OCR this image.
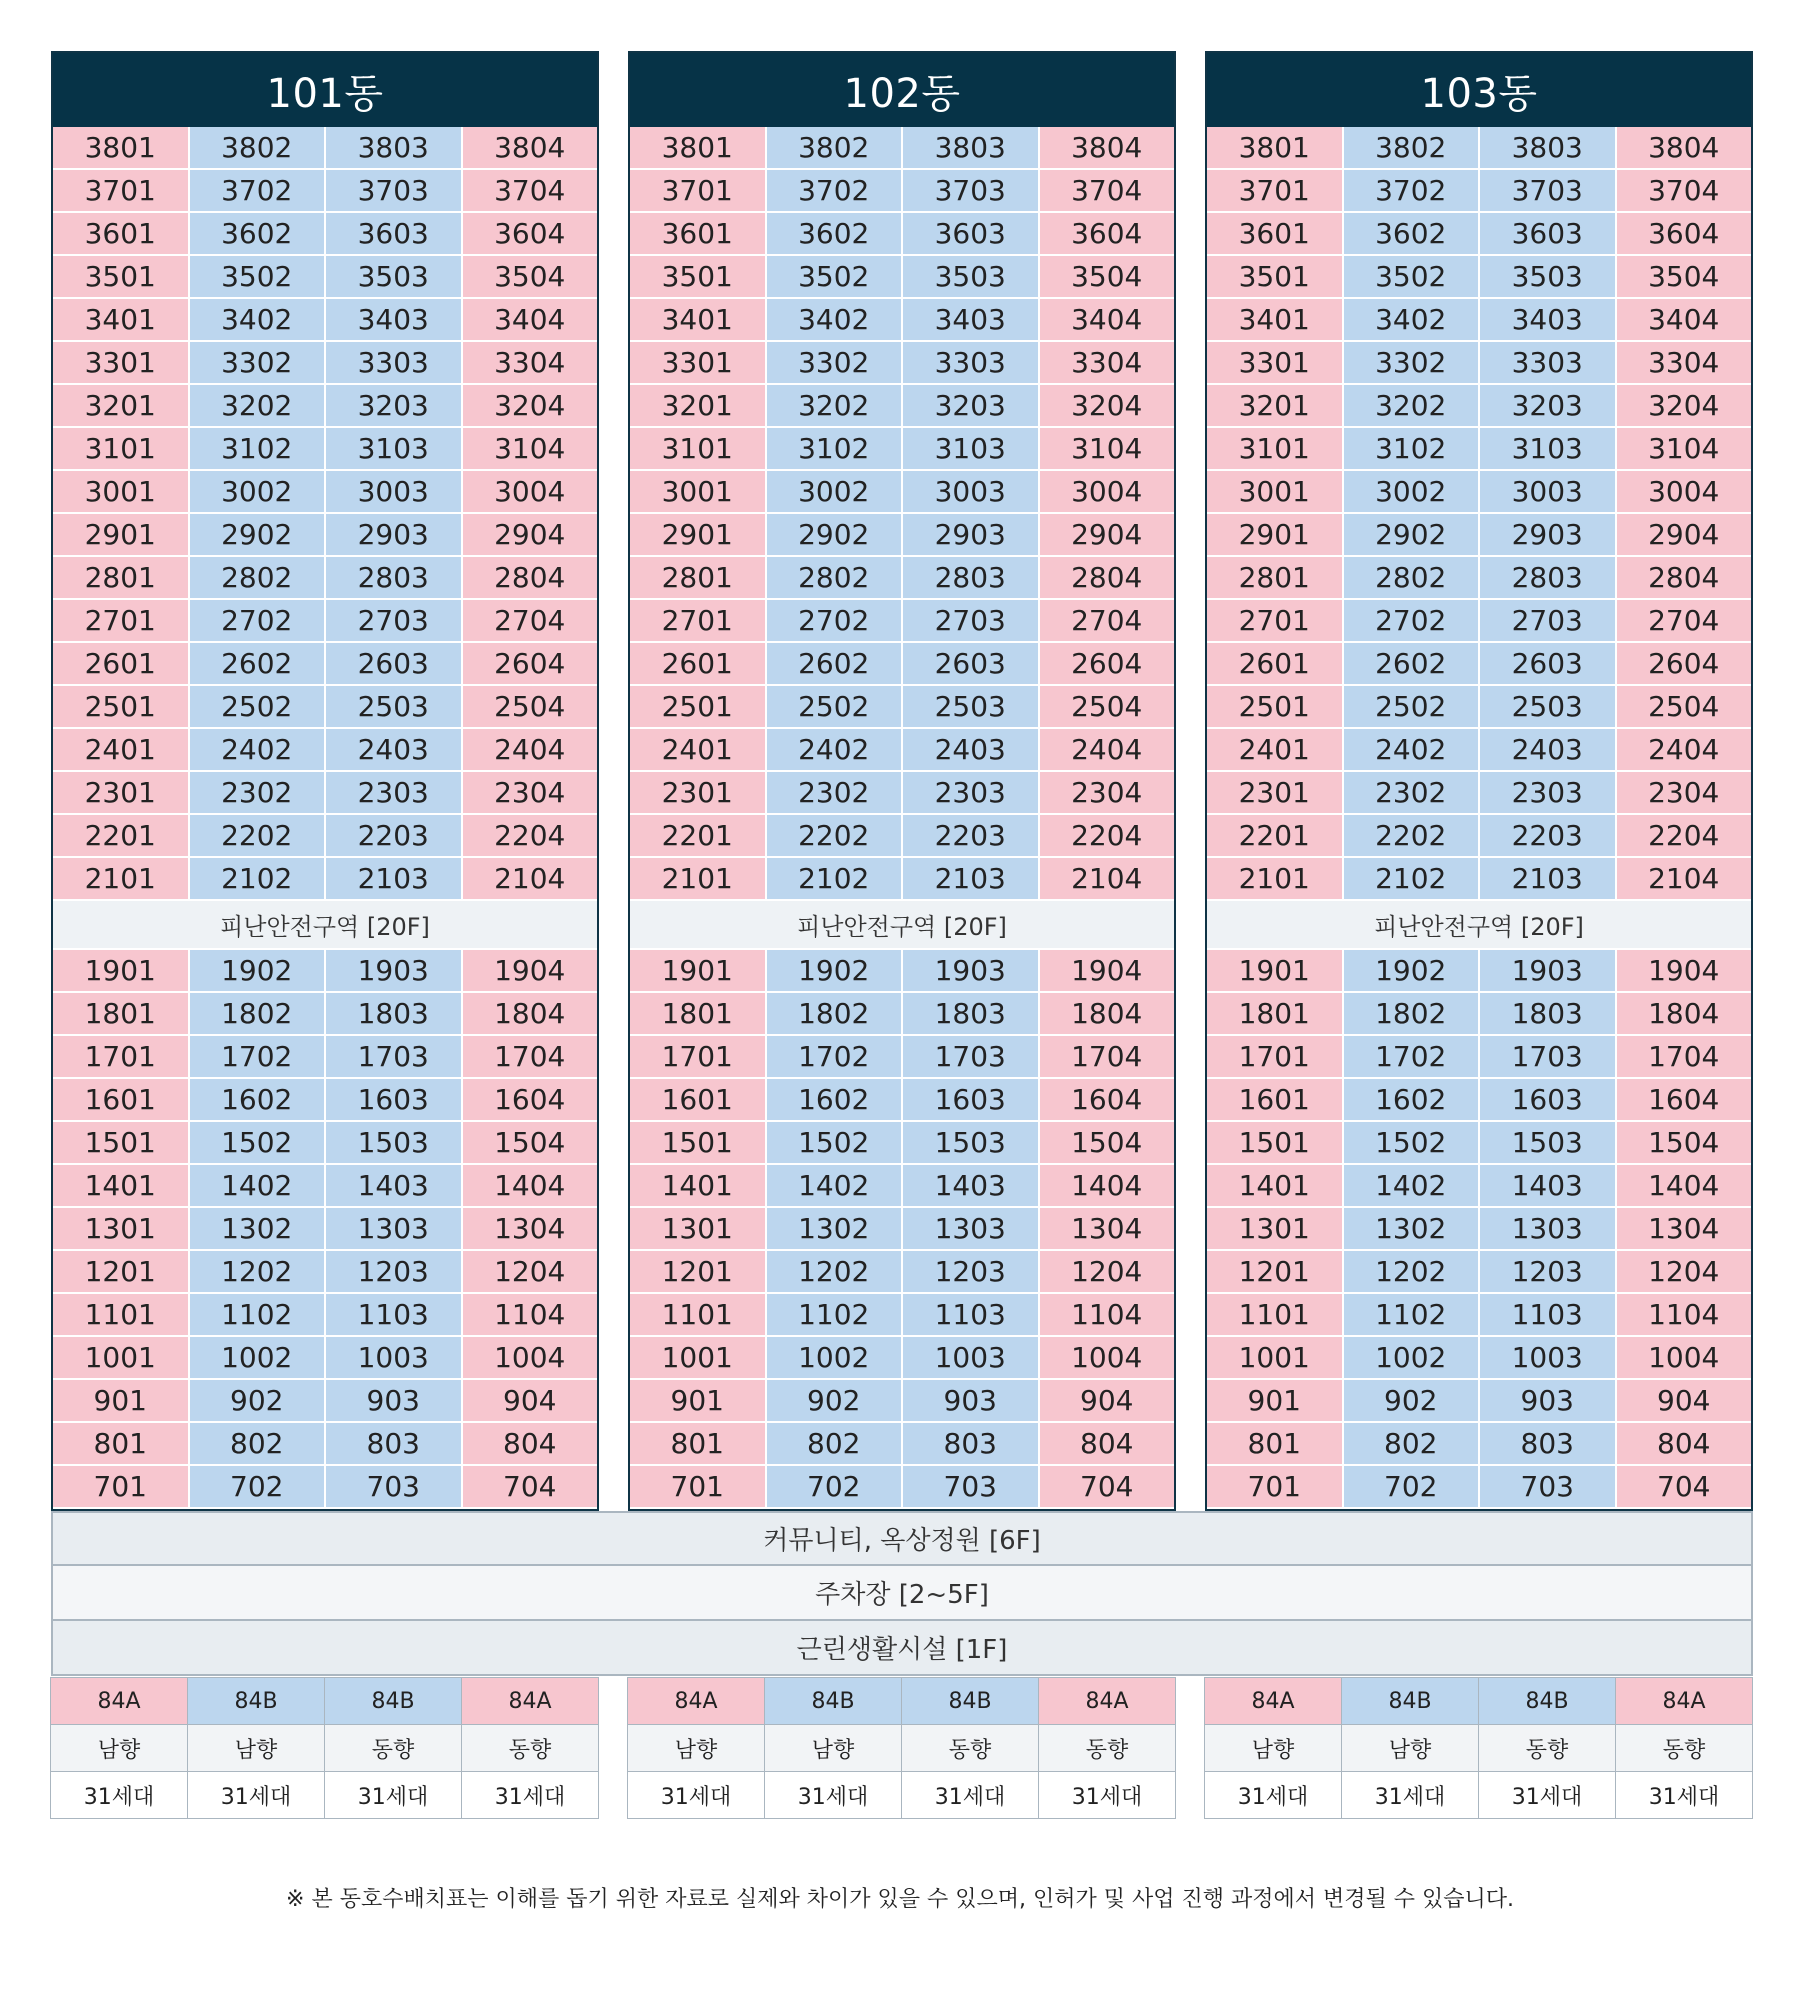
101동
3801	3802	3803	3804
3701	3702	3703	3704
3601	3602	3603	3604
3501	3502	3503	3504
3401	3402	3403	3404
3301	3302	3303	3304
3201	3202	3203	3204
3101	3102	3103	3104
3001	3002	3003	3004
2901	2902	2903	2904
2801	2802	2803	2804
2701	2702	2703	2704
2601	2602	2603	2604
2501	2502	2503	2504
2401	2402	2403	2404
2301	2302	2303	2304
2201	2202	2203	2204
2101	2102	2103	2104
피난안전구역 [20F]
1901	1902	1903	1904
1801	1802	1803	1804
1701	1702	1703	1704
1601	1602	1603	1604
1501	1502	1503	1504
1401	1402	1403	1404
1301	1302	1303	1304
1201	1202	1203	1204
1101	1102	1103	1104
1001	1002	1003	1004
901	902	903	904
801	802	803	804
701	702	703	704
102동
3801	3802	3803	3804
3701	3702	3703	3704
3601	3602	3603	3604
3501	3502	3503	3504
3401	3402	3403	3404
3301	3302	3303	3304
3201	3202	3203	3204
3101	3102	3103	3104
3001	3002	3003	3004
2901	2902	2903	2904
2801	2802	2803	2804
2701	2702	2703	2704
2601	2602	2603	2604
2501	2502	2503	2504
2401	2402	2403	2404
2301	2302	2303	2304
2201	2202	2203	2204
2101	2102	2103	2104
피난안전구역 [20F]
1901	1902	1903	1904
1801	1802	1803	1804
1701	1702	1703	1704
1601	1602	1603	1604
1501	1502	1503	1504
1401	1402	1403	1404
1301	1302	1303	1304
1201	1202	1203	1204
1101	1102	1103	1104
1001	1002	1003	1004
901	902	903	904
801	802	803	804
701	702	703	704
103동
3801	3802	3803	3804
3701	3702	3703	3704
3601	3602	3603	3604
3501	3502	3503	3504
3401	3402	3403	3404
3301	3302	3303	3304
3201	3202	3203	3204
3101	3102	3103	3104
3001	3002	3003	3004
2901	2902	2903	2904
2801	2802	2803	2804
2701	2702	2703	2704
2601	2602	2603	2604
2501	2502	2503	2504
2401	2402	2403	2404
2301	2302	2303	2304
2201	2202	2203	2204
2101	2102	2103	2104
피난안전구역 [20F]
1901	1902	1903	1904
1801	1802	1803	1804
1701	1702	1703	1704
1601	1602	1603	1604
1501	1502	1503	1504
1401	1402	1403	1404
1301	1302	1303	1304
1201	1202	1203	1204
1101	1102	1103	1104
1001	1002	1003	1004
901	902	903	904
801	802	803	804
701	702	703	704
커뮤니티, 옥상정원 [6F]
주차장 [2~5F]
근린생활시설 [1F]
84A	84B	84B	84A
남향	남향	동향	동향
31세대	31세대	31세대	31세대
84A	84B	84B	84A
남향	남향	동향	동향
31세대	31세대	31세대	31세대
84A	84B	84B	84A
남향	남향	동향	동향
31세대	31세대	31세대	31세대
※ 본 동호수배치표는 이해를 돕기 위한 자료로 실제와 차이가 있을 수 있으며, 인허가 및 사업 진행 과정에서 변경될 수 있습니다.
